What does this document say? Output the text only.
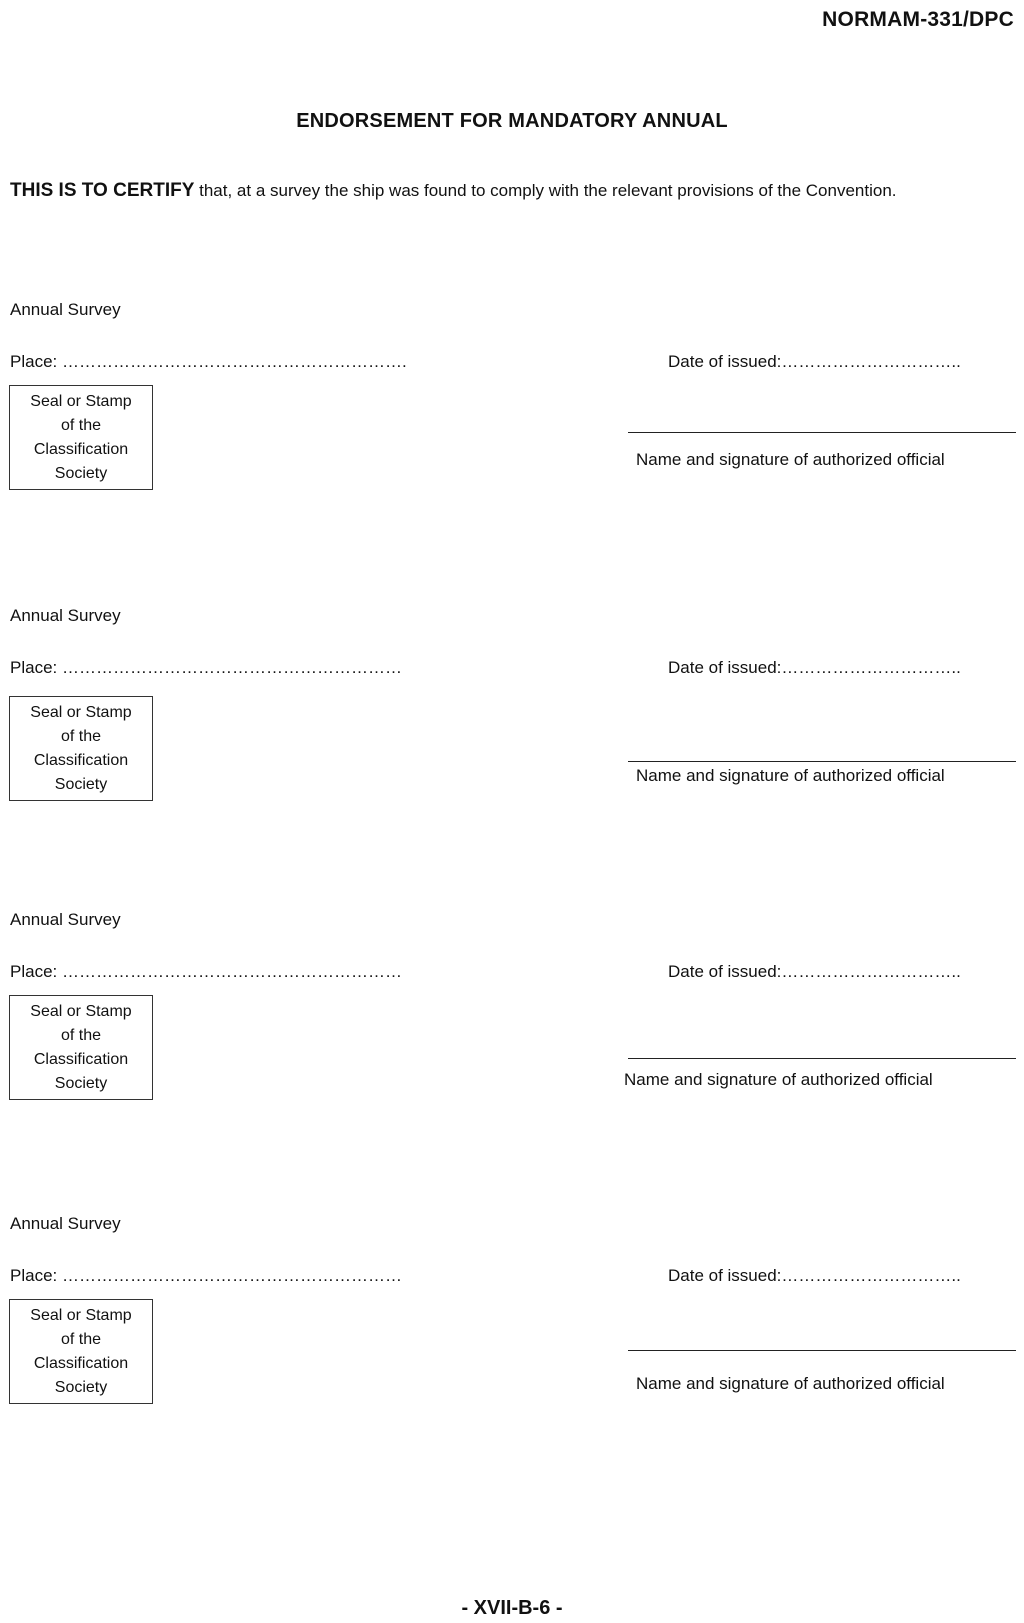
NORMAM-331/DPC
ENDORSEMENT FOR MANDATORY ANNUAL
THIS IS TO CERTIFY that, at a survey the ship was found to comply with the relevant provisions of the Convention.
Annual Survey
Place: …………………………………………………….	Date of issued:…………………………..
Seal or Stamp
of the
Classification
Society
Name and signature of authorized official
Annual Survey
Place: ……………………………………………………	Date of issued:…………………………..
Seal or Stamp
of the
Classification
Society	Name and signature of authorized official
Annual Survey
Place: ……………………………………………………	Date of issued:…………………………..
Seal or Stamp
of the
Classification
Society	Name and signature of authorized official
Annual Survey
Place: ……………………………………………………	Date of issued:…………………………..
Seal or Stamp
of the
Classification
Society	Name and signature of authorized official
- XVII-B-6 -
